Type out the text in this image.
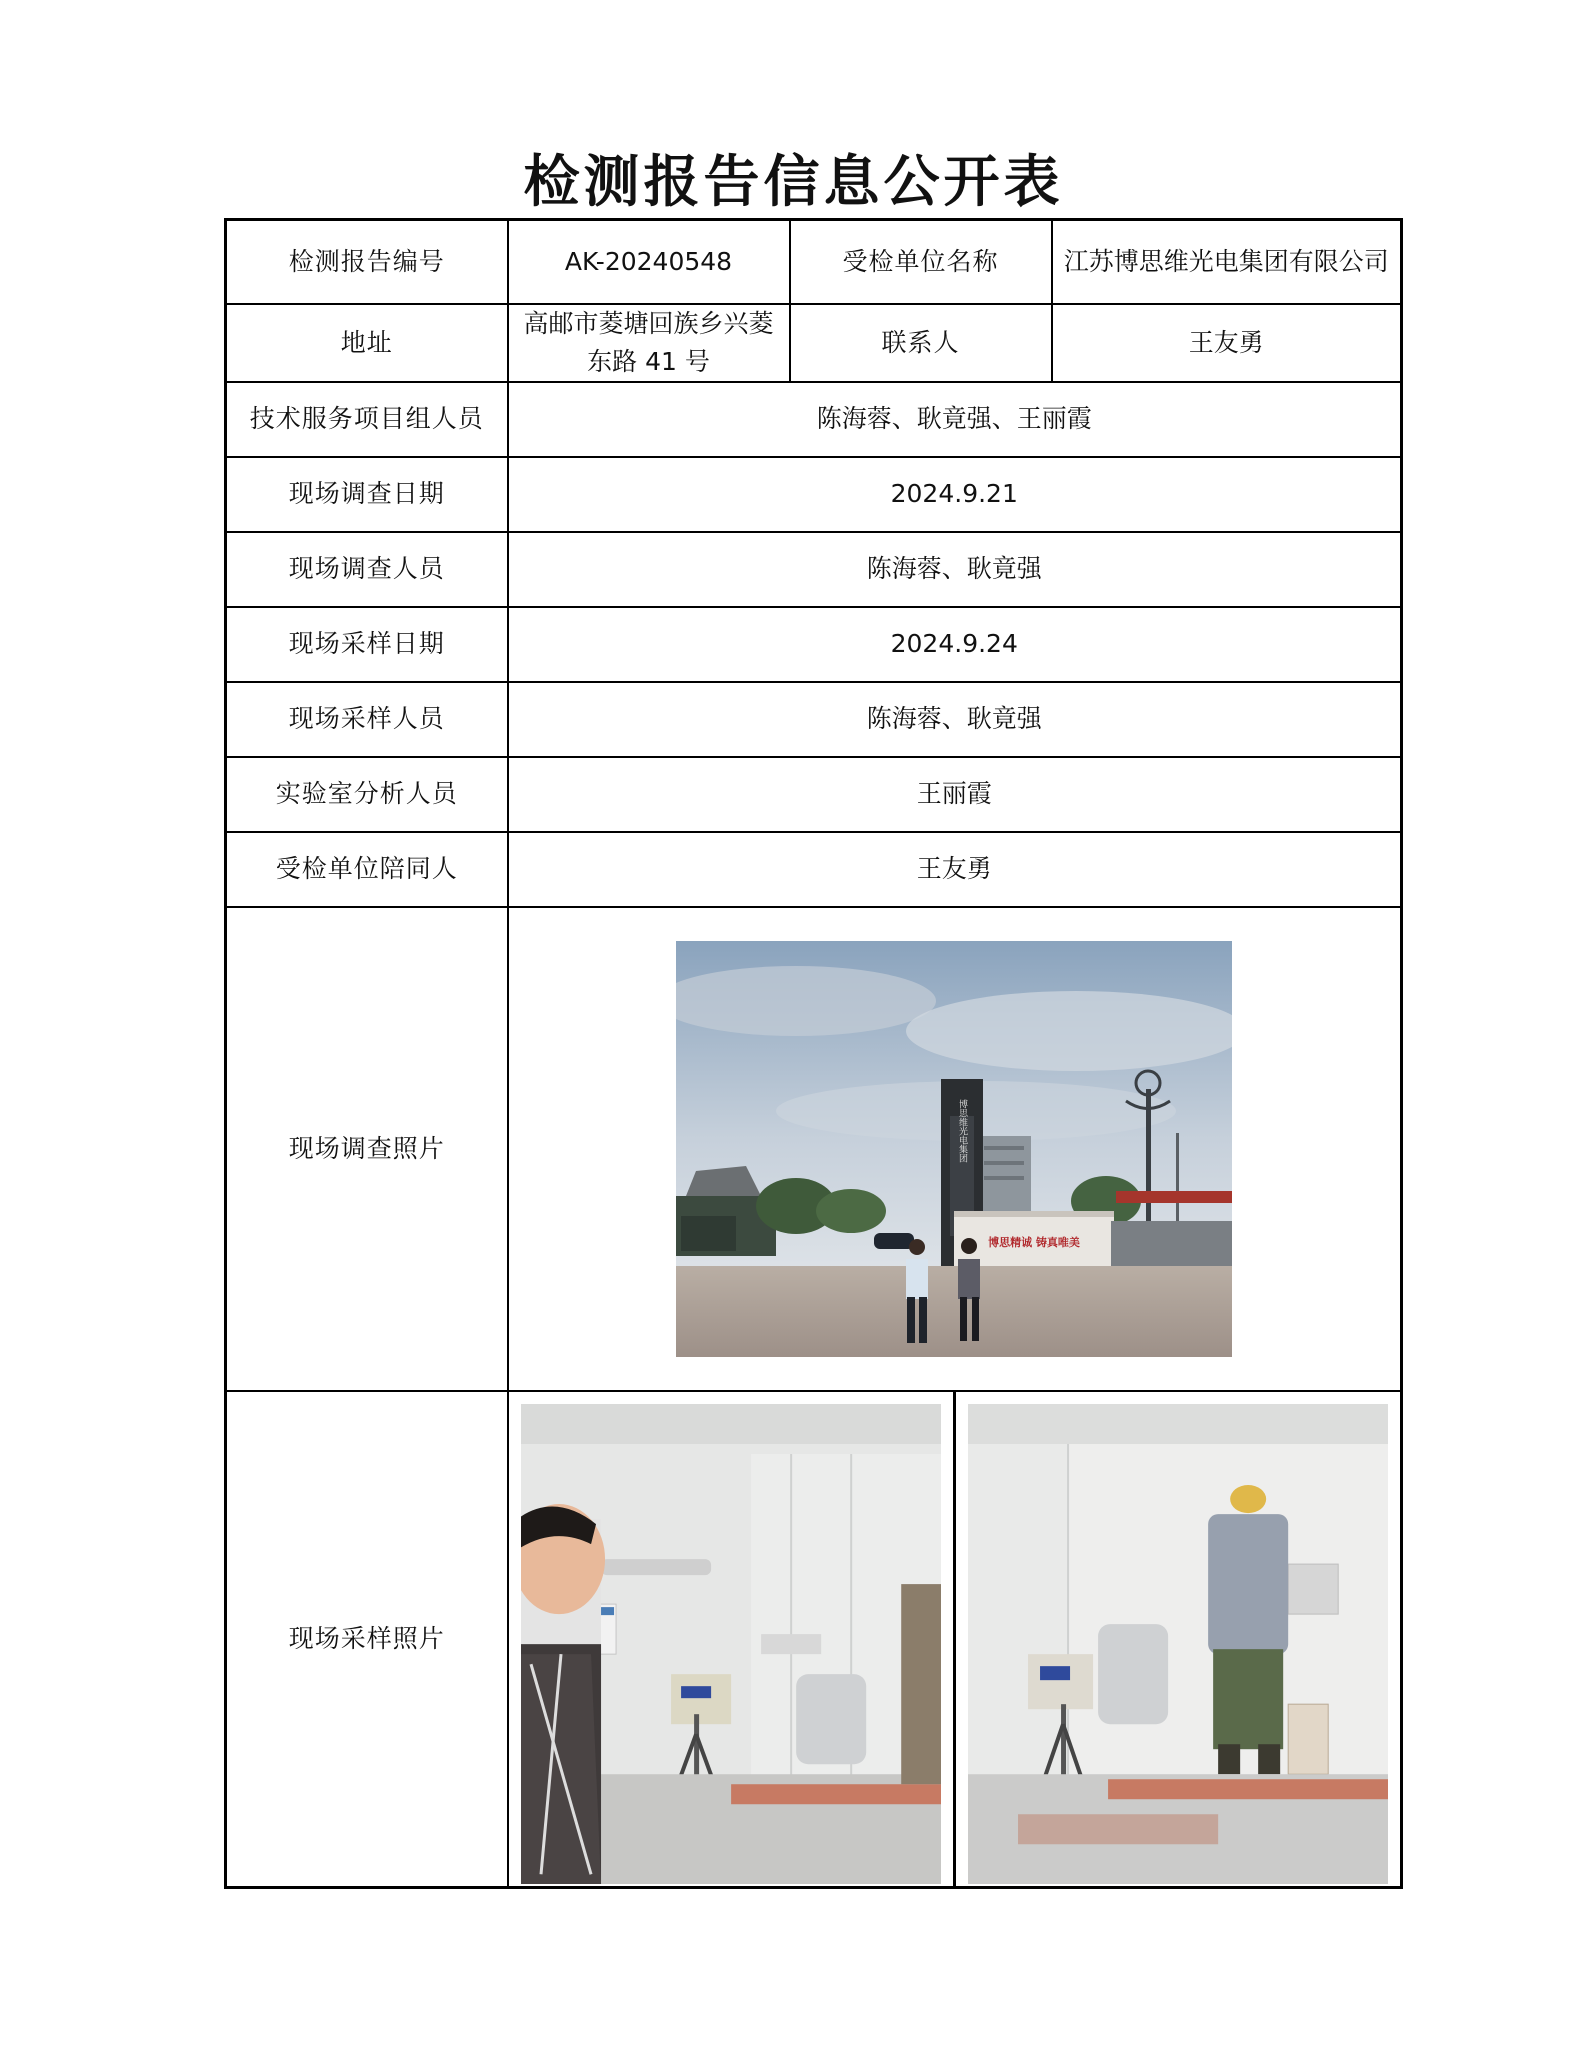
检测报告信息公开表
检测报告编号	AK-20240548	受检单位名称	江苏博思维光电集团有限公司
地址	高邮市菱塘回族乡兴菱东路 41 号	联系人	王友勇
技术服务项目组人员	陈海蓉、耿竟强、王丽霞		
现场调查日期	2024.9.21		
现场调查人员	陈海蓉、耿竟强		
现场采样日期	2024.9.24		
现场采样人员	陈海蓉、耿竟强		
实验室分析人员	王丽霞		
受检单位陪同人	王友勇		
现场调查照片	博思维光电集团
博思精诚 铸真唯美		

现场采样照片	
